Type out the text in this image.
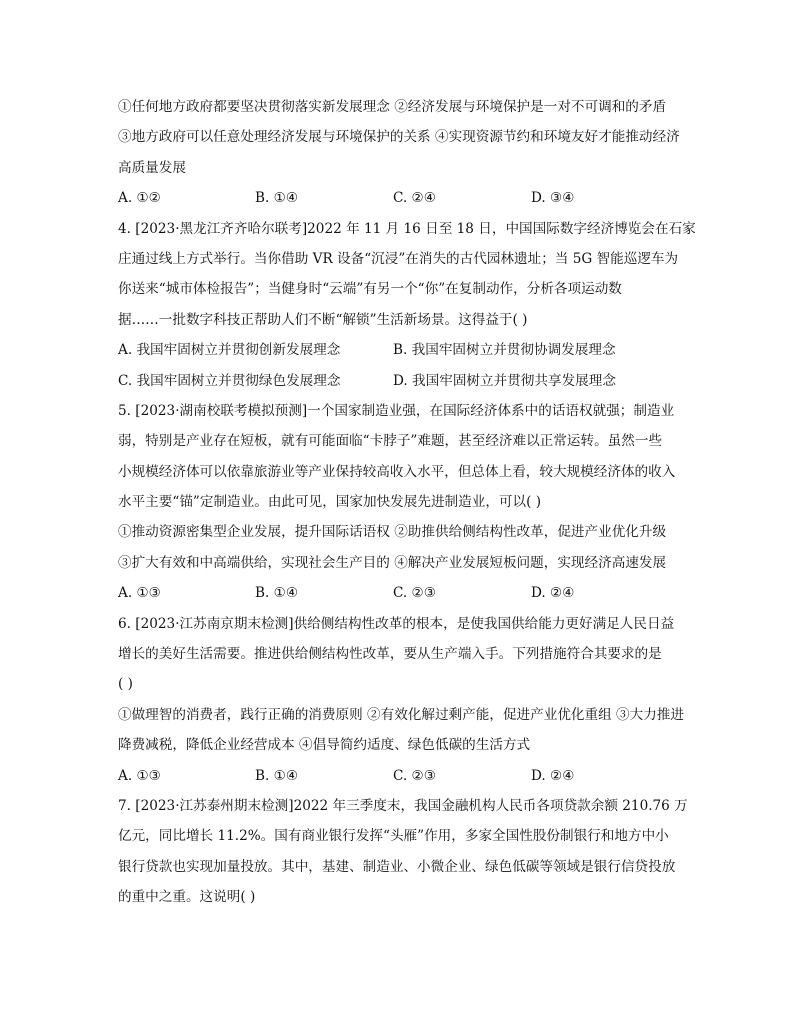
①任何地方政府都要坚决贯彻落实新发展理念 ②经济发展与环境保护是一对不可调和的矛盾
③地方政府可以任意处理经济发展与环境保护的关系 ④实现资源节约和环境友好才能推动经济
高质量发展
A. ①②	B. ①④	C. ②④	D. ③④
4. [2023·黑龙江齐齐哈尔联考]2022 年 11 月 16 日至 18 日，中国国际数字经济博览会在石家
庄通过线上方式举行。当你借助 VR 设备“沉浸”在消失的古代园林遗址；当 5G 智能巡逻车为
你送来“城市体检报告”；当健身时“云端”有另一个“你”在复制动作，分析各项运动数
据……一批数字科技正帮助人们不断“解锁”生活新场景。这得益于( )
A. 我国牢固树立并贯彻创新发展理念	B. 我国牢固树立并贯彻协调发展理念
C. 我国牢固树立并贯彻绿色发展理念	D. 我国牢固树立并贯彻共享发展理念
5. [2023·湖南校联考模拟预测]一个国家制造业强，在国际经济体系中的话语权就强；制造业
弱，特别是产业存在短板，就有可能面临“卡脖子”难题，甚至经济难以正常运转。虽然一些
小规模经济体可以依靠旅游业等产业保持较高收入水平，但总体上看，较大规模经济体的收入
水平主要“锚”定制造业。由此可见，国家加快发展先进制造业，可以( )
①推动资源密集型企业发展，提升国际话语权 ②助推供给侧结构性改革，促进产业优化升级
③扩大有效和中高端供给，实现社会生产目的 ④解决产业发展短板问题，实现经济高速发展
A. ①③	B. ①④	C. ②③	D. ②④
6. [2023·江苏南京期末检测]供给侧结构性改革的根本，是使我国供给能力更好满足人民日益
增长的美好生活需要。推进供给侧结构性改革，要从生产端入手。下列措施符合其要求的是
( )
①做理智的消费者，践行正确的消费原则 ②有效化解过剩产能，促进产业优化重组 ③大力推进
降费减税，降低企业经营成本 ④倡导简约适度、绿色低碳的生活方式
A. ①③	B. ①④	C. ②③	D. ②④
7. [2023·江苏泰州期末检测]2022 年三季度末，我国金融机构人民币各项贷款余额 210.76 万
亿元，同比增长 11.2%。国有商业银行发挥“头雁”作用，多家全国性股份制银行和地方中小
银行贷款也实现加量投放。其中，基建、制造业、小微企业、绿色低碳等领域是银行信贷投放
的重中之重。这说明( )
